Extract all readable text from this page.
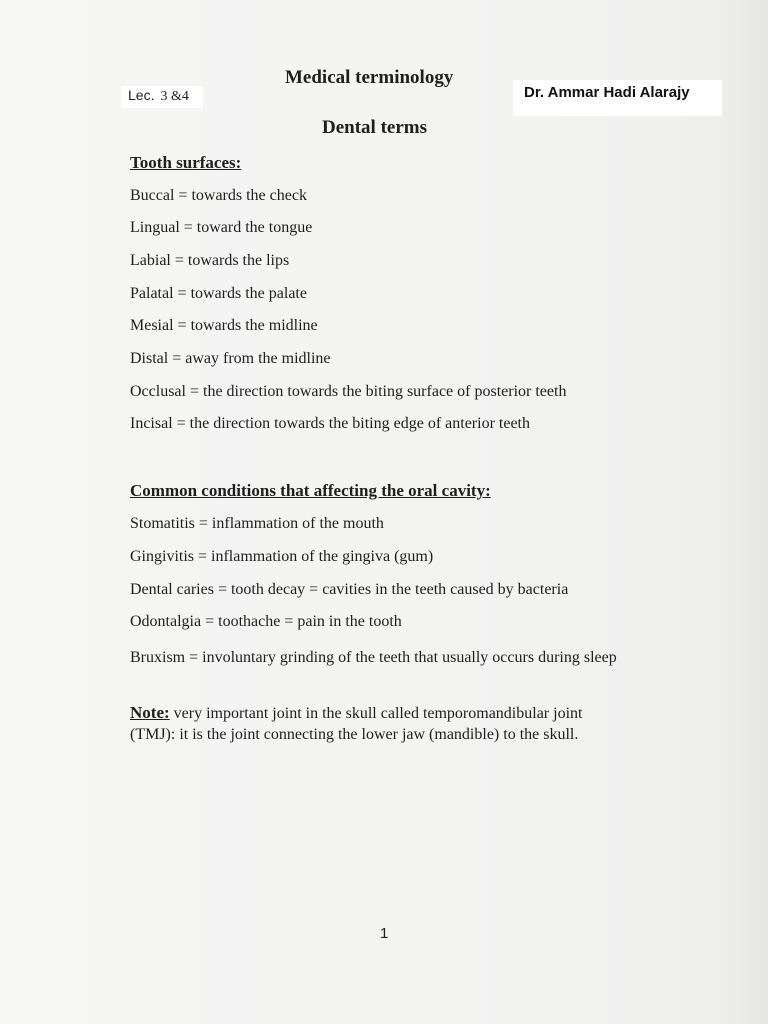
Lec. 3 &4
Medical terminology
Dr. Ammar Hadi Alarajy
Dental terms
Tooth surfaces:
Buccal = towards the check
Lingual = toward the tongue
Labial = towards the lips
Palatal = towards the palate
Mesial = towards the midline
Distal = away from the midline
Occlusal = the direction towards the biting surface of posterior teeth
Incisal = the direction towards the biting edge of anterior teeth
Common conditions that affecting the oral cavity:
Stomatitis = inflammation of the mouth
Gingivitis = inflammation of the gingiva (gum)
Dental caries = tooth decay = cavities in the teeth caused by bacteria
Odontalgia = toothache = pain in the tooth
Bruxism = involuntary grinding of the teeth that usually occurs during sleep
Note: very important joint in the skull called temporomandibular joint (TMJ): it is the joint connecting the lower jaw (mandible) to the skull.
1
